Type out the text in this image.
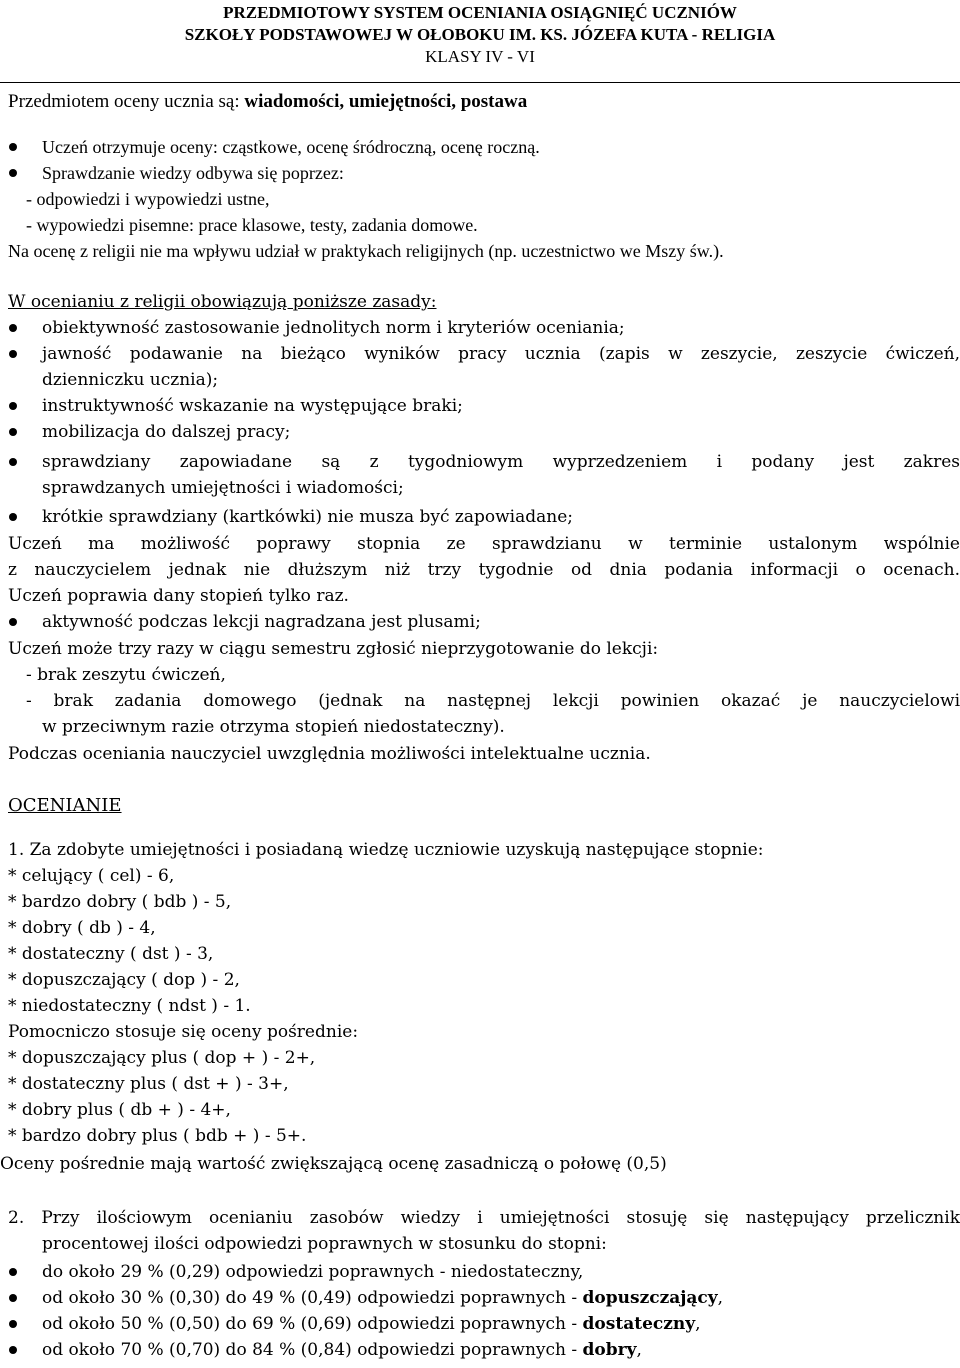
PRZEDMIOTOWY SYSTEM OCENIANIA OSIĄGNIĘĆ UCZNIÓW
SZKOŁY PODSTAWOWEJ W OŁOBOKU IM. KS. JÓZEFA KUTA - RELIGIA
KLASY IV - VI
Przedmiotem oceny ucznia są: wiadomości, umiejętności, postawa
Uczeń otrzymuje oceny: cząstkowe, ocenę śródroczną, ocenę roczną.
Sprawdzanie wiedzy odbywa się poprzez:
- odpowiedzi i wypowiedzi ustne,
- wypowiedzi pisemne: prace klasowe, testy, zadania domowe.
Na ocenę z religii nie ma wpływu udział w praktykach religijnych (np. uczestnictwo we Mszy św.).
W ocenianiu z religii obowiązują poniższe zasady:
obiektywność zastosowanie jednolitych norm i kryteriów oceniania;
jawność podawanie na bieżąco wyników pracy ucznia (zapis w zeszycie, zeszycie ćwiczeń,
dzienniczku ucznia);
instruktywność wskazanie na występujące braki;
mobilizacja do dalszej pracy;
sprawdziany zapowiadane są z tygodniowym wyprzedzeniem i podany jest zakres
sprawdzanych umiejętności i wiadomości;
krótkie sprawdziany (kartkówki) nie musza być zapowiadane;
Uczeń ma możliwość poprawy stopnia ze sprawdzianu w terminie ustalonym wspólnie
z nauczycielem jednak nie dłuższym niż trzy tygodnie od dnia podania informacji o ocenach.
Uczeń poprawia dany stopień tylko raz.
aktywność podczas lekcji nagradzana jest plusami;
Uczeń może trzy razy w ciągu semestru zgłosić nieprzygotowanie do lekcji:
- brak zeszytu ćwiczeń,
- brak zadania domowego (jednak na następnej lekcji powinien okazać je nauczycielowi
w przeciwnym razie otrzyma stopień niedostateczny).
Podczas oceniania nauczyciel uwzględnia możliwości intelektualne ucznia.
OCENIANIE
1. Za zdobyte umiejętności i posiadaną wiedzę uczniowie uzyskują następujące stopnie:
* celujący ( cel) - 6,
* bardzo dobry ( bdb ) - 5,
* dobry ( db ) - 4,
* dostateczny ( dst ) - 3,
* dopuszczający ( dop ) - 2,
* niedostateczny ( ndst ) - 1.
Pomocniczo stosuje się oceny pośrednie:
* dopuszczający plus ( dop + ) - 2+,
* dostateczny plus ( dst + ) - 3+,
* dobry plus ( db + ) - 4+,
* bardzo dobry plus ( bdb + ) - 5+.
Oceny pośrednie mają wartość zwiększającą ocenę zasadniczą o połowę (0,5)
2. Przy ilościowym ocenianiu zasobów wiedzy i umiejętności stosuję się następujący przelicznik
procentowej ilości odpowiedzi poprawnych w stosunku do stopni:
do około 29 % (0,29) odpowiedzi poprawnych - niedostateczny,
od około 30 % (0,30) do 49 % (0,49) odpowiedzi poprawnych - dopuszczający,
od około 50 % (0,50) do 69 % (0,69) odpowiedzi poprawnych - dostateczny,
od około 70 % (0,70) do 84 % (0,84) odpowiedzi poprawnych - dobry,
